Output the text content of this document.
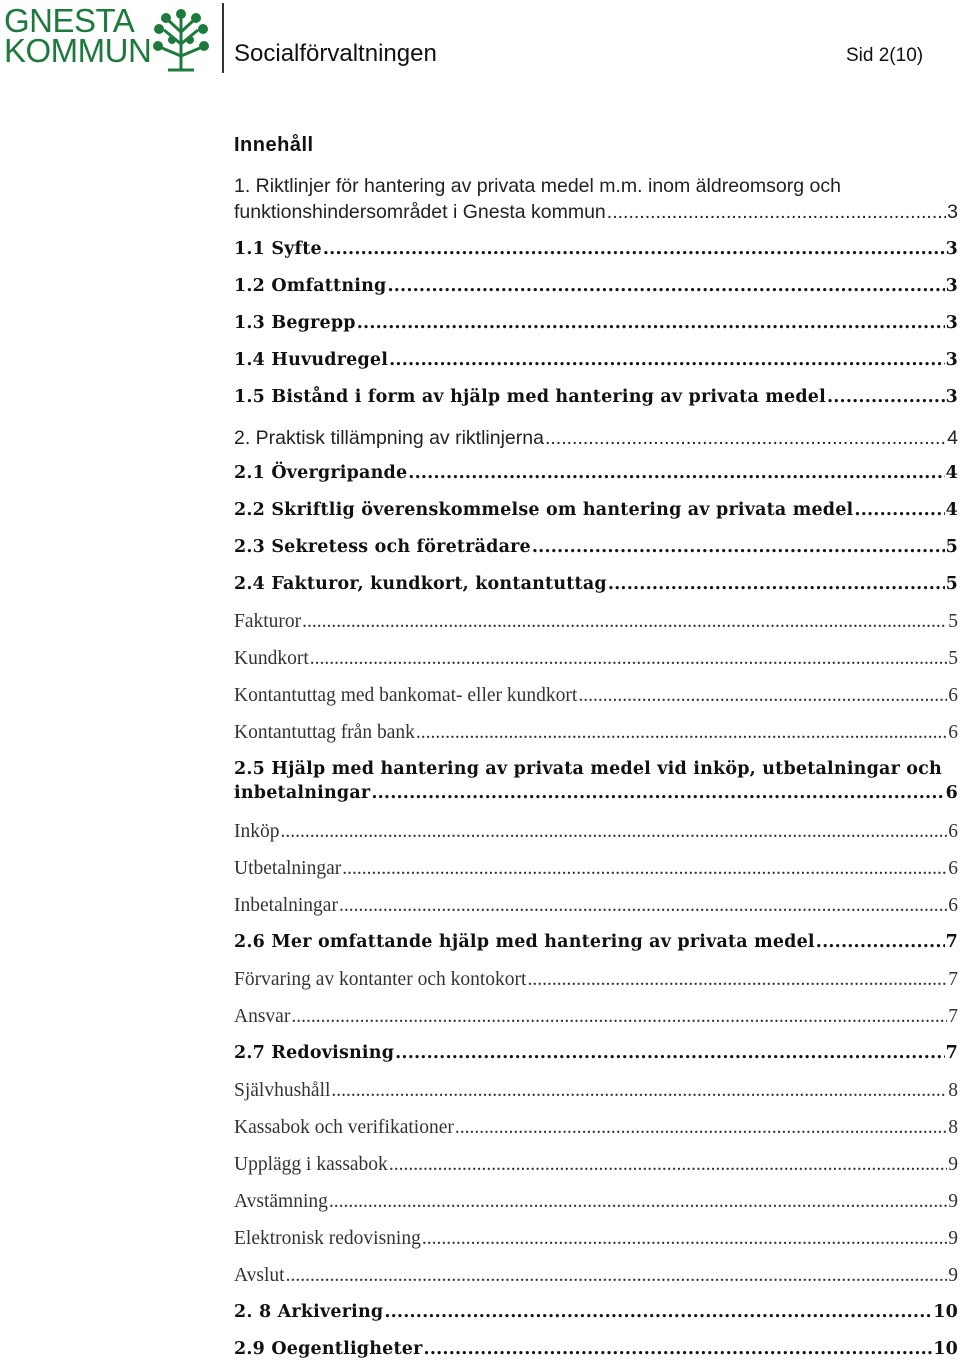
GNESTA
KOMMUN	Socialförvaltningen	Sid 2(10)
Innehåll
1. Riktlinjer för hantering av privata medel m.m. inom äldreomsorg och
funktionshindersområdet i Gnesta kommun .....	3
1.1 Syfte .....	3
1.2 Omfattning .....	3
1.3 Begrepp .....	3
1.4 Huvudregel .....	3
1.5 Bistånd i form av hjälp med hantering av privata medel .....	3
2. Praktisk tillämpning av riktlinjerna .....	4
2.1 Övergripande .....	4
2.2 Skriftlig överenskommelse om hantering av privata medel .....	4
2.3 Sekretess och företrädare .....	5
2.4 Fakturor, kundkort, kontantuttag .....	5
Fakturor .....	5
Kundkort .....	5
Kontantuttag med bankomat- eller kundkort .....	6
Kontantuttag från bank .....	6
2.5 Hjälp med hantering av privata medel vid inköp, utbetalningar och
inbetalningar .....	6
Inköp .....	6
Utbetalningar .....	6
Inbetalningar .....	6
2.6 Mer omfattande hjälp med hantering av privata medel .....	7
Förvaring av kontanter och kontokort .....	7
Ansvar .....	7
2.7 Redovisning .....	7
Självhushåll .....	8
Kassabok och verifikationer .....	8
Upplägg i kassabok .....	9
Avstämning .....	9
Elektronisk redovisning .....	9
Avslut .....	9
2. 8 Arkivering .....	10
2.9 Oegentligheter .....	10
